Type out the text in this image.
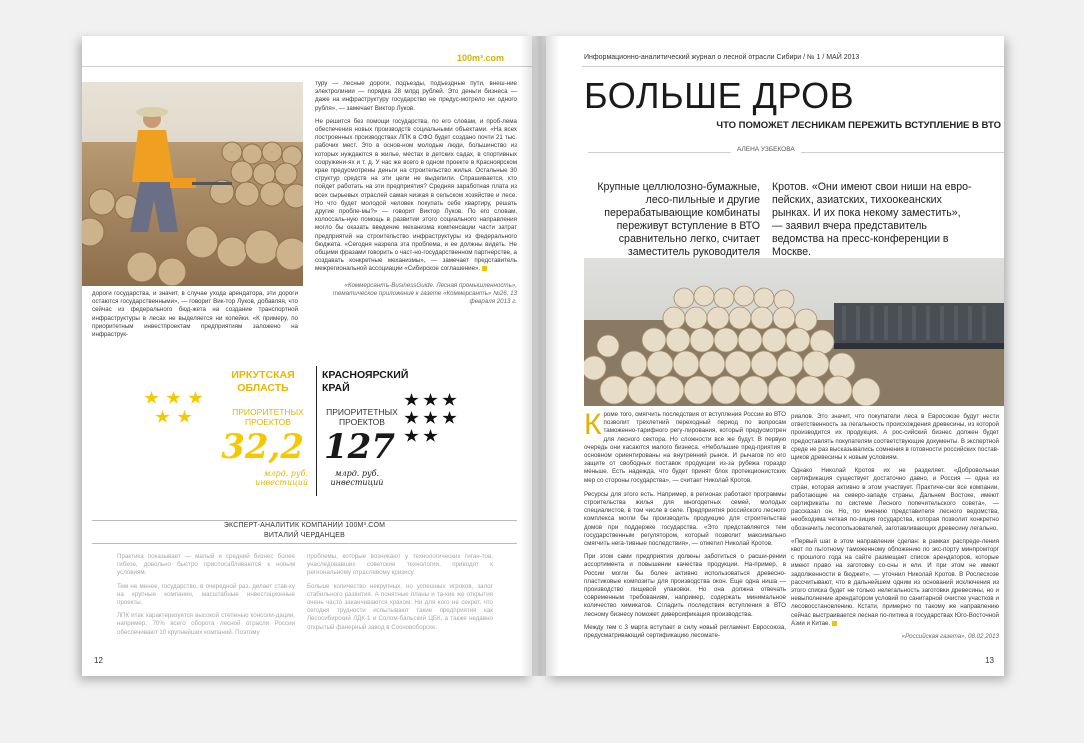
100m³.com

туру — лесные дороги, подъезды, подъездные пути, внеш-ние электролинии — порядка 28 млрд рублей. Это деньги бизнеса — даже на инфраструктуру государство не предус-мотрело ни одного рубля», — замечает Виктор Луков.

Не решится без помощи государства, по его словам, и проб-лема обеспечения новых производств социальными объектами. «На всех построенных производствах ЛПК в СФО будет создано почти 21 тыс. рабочих мест. Это в основ-ном молодые люди, большинство из которых нуждаются в жилье, местах в детских садах, в спортивных сооружени-ях и т. д. У нас же всего в одном проекте в Красноярском крае предусмотрены деньги на строительство жилья. Остальные 30 структур средств на эти цели не выделили. Спрашивается, кто пойдет работать на эти предприятия? Средняя заработная плата из всех сырьевых отраслей самая низкая в сельском хозяйстве и лесе. Но что будет молодой человек покупать себе квартиру, решать другие пробле-мы?» — говорит Виктор Луков. По его словам, колоссаль-ную помощь в развитии этого социального направления могло бы оказать введение механизма компенсации части затрат предприятий на строительство инфраструктуры из федерального бюджета. «Сегодня назрела эта проблема, и ее должны видеть. Не общими фразами говорить о част-но-государственном партнерстве, а создавать конкретные механизмы», — замечает представитель межрегиональной ассоциации «Сибирское соглашение».

«Коммерсантъ-BusinessGuide. Лесная промышленность», тематическое приложение к газете «Коммерсантъ» №26, 13 февраля 2013 г.

дороги государства, и значит, в случае ухода арендатора, эти дороги остаются государственными», — говорит Вик-тор Луков, добавляя, что сейчас из федерального бюд-жета на создание транспортной инфраструктуры в лесах не выделяется ни копейки. «К примеру, по приоритетным инвестпроектам предприятиям заложено на инфраструк-

ИРКУТСКАЯ ОБЛАСТЬ
ПРИОРИТЕТНЫХ ПРОЕКТОВ
32,2
млрд. руб. инвестиций
КРАСНОЯРСКИЙ КРАЙ
ПРИОРИТЕТНЫХ ПРОЕКТОВ
127
млрд. руб. инвестиций
ЭКСПЕРТ-АНАЛИТИК КОМПАНИИ 100M³.COM
ВИТАЛИЙ ЧЕРДАНЦЕВ

Практика показывает — малый и средний бизнес более гибкое, довольно быстро приспосабливаются к новым условиям.

Тем не менее, государство, в очередной раз, делает став-ку на крупные компании, масштабные инвестиционные проекты.

ЛПК итак характеризуется высокой степенью консоли-дации, например, 70% всего оборота лесной отрасли России обеспечивают 10 крупнейших компаний. Поэтому

проблемы, которые возникают у технологических гиган-тов, унаследовавших советские технологии, приводят к региональному отраслевому кризису.

Больше количество некрупных, но успешных игроков, залог стабильного развития. А понятные планы и та-кие же открытия очень часто заканчиваются крахом. Ни для кого не секрет, что сегодня трудности испытывают такие предприятия как Лесосибирский ЛДК-1 и Солом-бальский ЦБК, а также недавно открытый фанерный завод в Сосновоборске.

12
Информационно-аналитический журнал о лесной отрасли Сибири / № 1 / МАЙ 2013
БОЛЬШЕ ДРОВ
ЧТО ПОМОЖЕТ ЛЕСНИКАМ ПЕРЕЖИТЬ ВСТУПЛЕНИЕ В ВТО
АЛЕНА УЗБЕКОВА
Крупные целлюлозно-бумажные, лесо-пильные и другие перерабатывающие комбинаты переживут вступление в ВТО сравнительно легко, считает заместитель руководителя
Кротов. «Они имеют свои ниши на евро-пейских, азиатских, тихоокеанских рынках. И их пока некому заместить», — заявил вчера представитель ведомства на пресс-конференции в Москве.

К роме того, смягчить последствия от вступления России во ВТО позволит трехлетний переходный период по вопросам таможенно-тарифного регу-лирования, который предусмотрен для лесного сектора. Но сложности все же будут. В первую очередь они касаются малого бизнеса. «Небольшие пред-приятия в основном ориентированы на внутренний рынок. И рычагов по его защите от свободных поставок продукции из-за рубежа гораздо меньше. Есть надежда, что будет принят блок протекционистских мер со стороны государства», — считает Николай Кротов.

Ресурсы для этого есть. Например, в регионах работают программы строительства жилья для многодетных семей, молодых специалистов, в том числе в селе. Предприятия российского лесного комплекса могли бы производить продукцию для строительства домов при поддержке государства. «Это представляется тем государственным регулятором, который позволит максимально смягчить нега-тивные последствия», — отметил Николай Кротов.

При этом сами предприятия должны заботиться о расши-рении ассортимента и повышении качества продукции. На-пример, в России могли бы более активно использоваться древесно-пластиковые композиты для производства окон. Еще одна ниша — производство пищевой упаковки. Но она должна отвечать современным требованиям, например, содержать минимальное количество химикатов. Сгладить последствия вступления в ВТО лесному бизнесу поможет диверсификация производства.

Между тем с 3 марта вступает в силу новый регламент Евросоюза, предусматривающий сертификацию лесомате-

риалов. Это значит, что покупатели леса в Евросоюзе будут нести ответственность за легальность происхождения древесины, из которой производится их продукция. А рос-сийский бизнес должен будет предоставлять покупателям соответствующие документы. В экспертной среде не раз высказывались сомнения в готовности российских постав-щиков древесины к новым условиям.

Однако Николай Кротов их не разделяет. «Добровольная сертификация существует достаточно давно, и Россия — одна из стран, которая активно в этом участвует. Практиче-ски все компании, работающие на северо-западе страны, Дальнем Востоке, имеют сертификаты по системе Лесного попечительского совета», — рассказал он. Но, по мнению представителя лесного ведомства, необходима четкая по-зиция государства, которая позволит конкретно обозначить лесопользователей, заготавливающих древесину легально.

«Первый шаг в этом направлении сделан: в рамках распреде-ления квот по льготному таможенному обложению по экс-порту минпромторг с прошлого года на сайте размещает список арендаторов, которые имеют право на заготовку со-сны и ели. И при этом не имеют задолженности в бюджет», — уточнил Николай Кротов. В Рослесхозе рассчитывают, что в дальнейшем одним из оснований исключения из этого списка будет не только нелегальность заготовки древесины, но и невыполнение арендатором условий по санитарной очистке участков и лесовосстановлению. Кстати, примерно по такому же направлению сейчас выстраивается лесная по-литика в государствах Юго-Восточной Азии и Китае.

«Российская газета», 08.02.2013

13
